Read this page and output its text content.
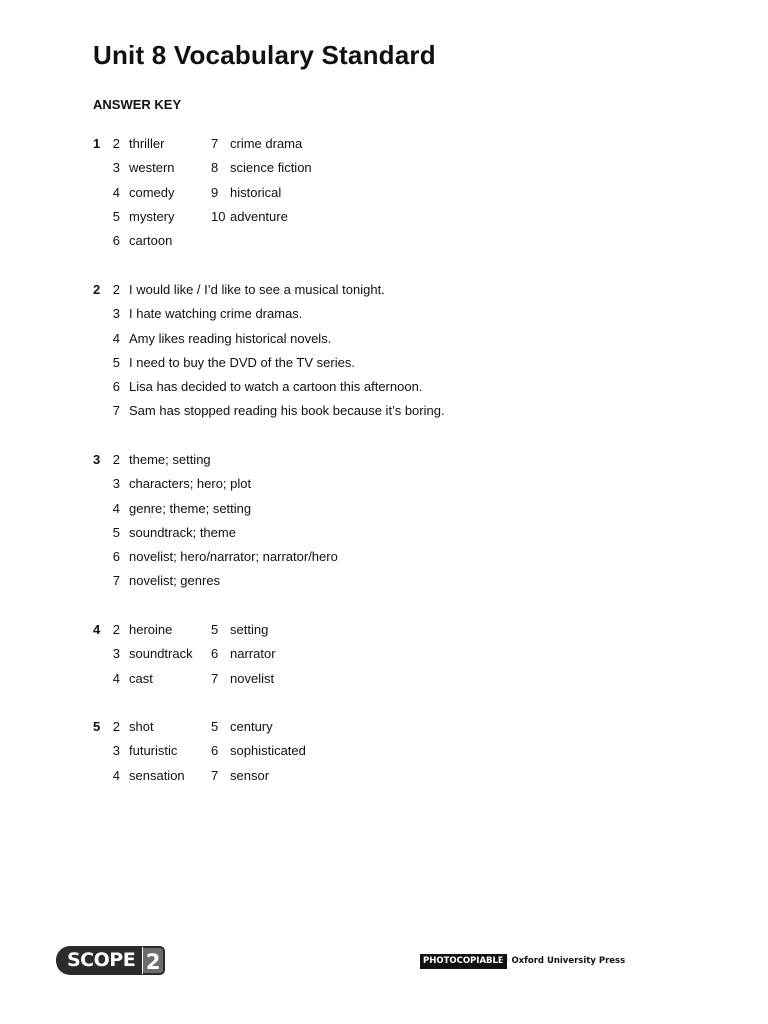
Unit 8 Vocabulary Standard
ANSWER KEY
1 2 thriller	7 crime drama
3 western	8 science fiction
4 comedy	9 historical
5 mystery	10 adventure
6 cartoon
2 2 I would like / I’d like to see a musical tonight.
3 I hate watching crime dramas.
4 Amy likes reading historical novels.
5 I need to buy the DVD of the TV series.
6 Lisa has decided to watch a cartoon this afternoon.
7 Sam has stopped reading his book because it’s boring.
3 2 theme; setting
3 characters; hero; plot
4 genre; theme; setting
5 soundtrack; theme
6 novelist; hero/narrator; narrator/hero
7 novelist; genres
4 2 heroine	5 setting
3 soundtrack 6 narrator
4 cast	7 novelist
5 2 shot	5 century
3 futuristic	6 sophisticated
4 sensation 7 sensor
SCOPE 2	PHOTOCOPIABLE
© Oxford University Press
